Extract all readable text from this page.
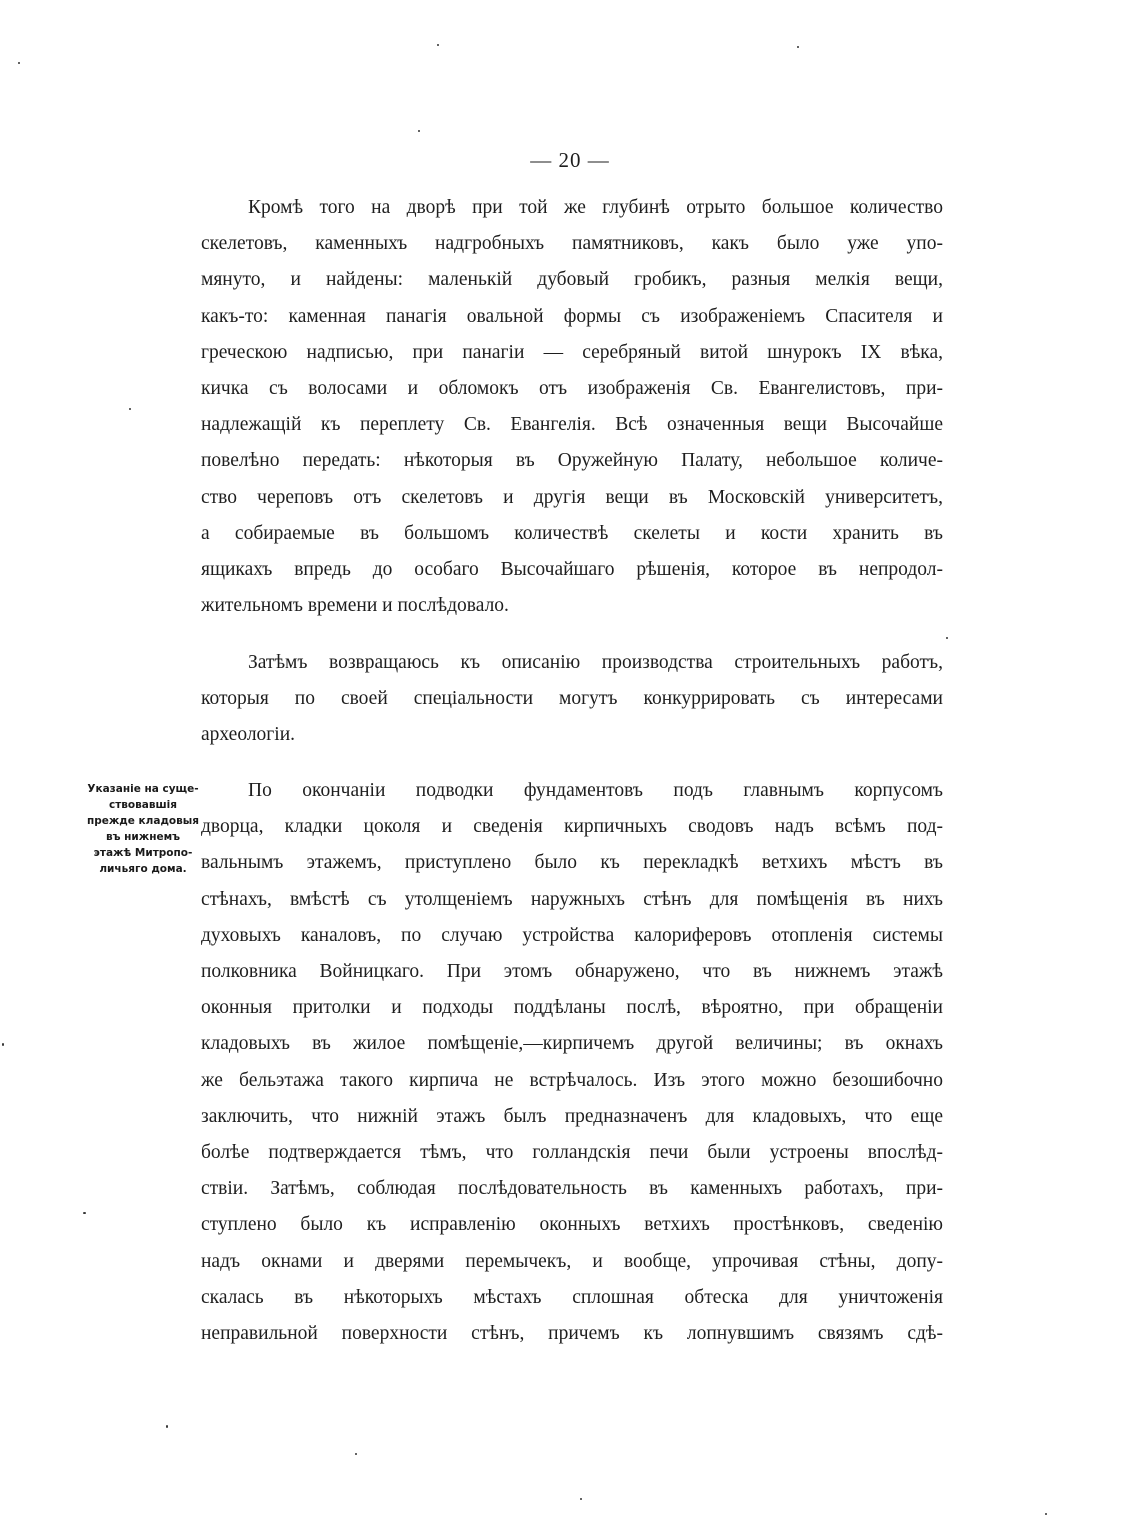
— 20 —
Кромѣ того на дворѣ при той же глубинѣ отрыто большое количество
скелетовъ, каменныхъ надгробныхъ памятниковъ, какъ было уже упо-
мянуто, и найдены: маленькій дубовый гробикъ, разныя мелкія вещи,
какъ-то: каменная панагія овальной формы съ изображеніемъ Спасителя и
греческою надписью, при панагіи — серебряный витой шнурокъ IX вѣка,
кичка съ волосами и обломокъ отъ изображенія Св. Евангелистовъ, при-
надлежащій къ переплету Св. Евангелія. Всѣ означенныя вещи Высочайше
повелѣно передать: нѣкоторыя въ Оружейную Палату, небольшое количе-
ство череповъ отъ скелетовъ и другія вещи въ Московскій университетъ,
а собираемые въ большомъ количествѣ скелеты и кости хранить въ
ящикахъ впредь до особаго Высочайшаго рѣшенія, которое въ непродол-
жительномъ времени и послѣдовало.
Затѣмъ возвращаюсь къ описанію производства строительныхъ работъ,
которыя по своей спеціальности могутъ конкуррировать съ интересами
археологіи.
Указаніе на суще-
ствовавшія
прежде кладовыя
въ нижнемъ
этажѣ Митропо-
личьяго дома.
По окончаніи подводки фундаментовъ подъ главнымъ корпусомъ
дворца, кладки цоколя и сведенія кирпичныхъ сводовъ надъ всѣмъ под-
вальнымъ этажемъ, приступлено было къ перекладкѣ ветхихъ мѣстъ въ
стѣнахъ, вмѣстѣ съ утолщеніемъ наружныхъ стѣнъ для помѣщенія въ нихъ
духовыхъ каналовъ, по случаю устройства калориферовъ отопленія системы
полковника Войницкаго. При этомъ обнаружено, что въ нижнемъ этажѣ
оконныя притолки и подходы поддѣланы послѣ, вѣроятно, при обращеніи
кладовыхъ въ жилое помѣщеніе,—кирпичемъ другой величины; въ окнахъ
же бельэтажа такого кирпича не встрѣчалось. Изъ этого можно безошибочно
заключить, что нижній этажъ былъ предназначенъ для кладовыхъ, что еще
болѣе подтверждается тѣмъ, что голландскія печи были устроены впослѣд-
ствіи. Затѣмъ, соблюдая послѣдовательность въ каменныхъ работахъ, при-
ступлено было къ исправленію оконныхъ ветхихъ простѣнковъ, сведенію
надъ окнами и дверями перемычекъ, и вообще, упрочивая стѣны, допу-
скалась въ нѣкоторыхъ мѣстахъ сплошная обтеска для уничтоженія
неправильной поверхности стѣнъ, причемъ къ лопнувшимъ связямъ сдѣ-
